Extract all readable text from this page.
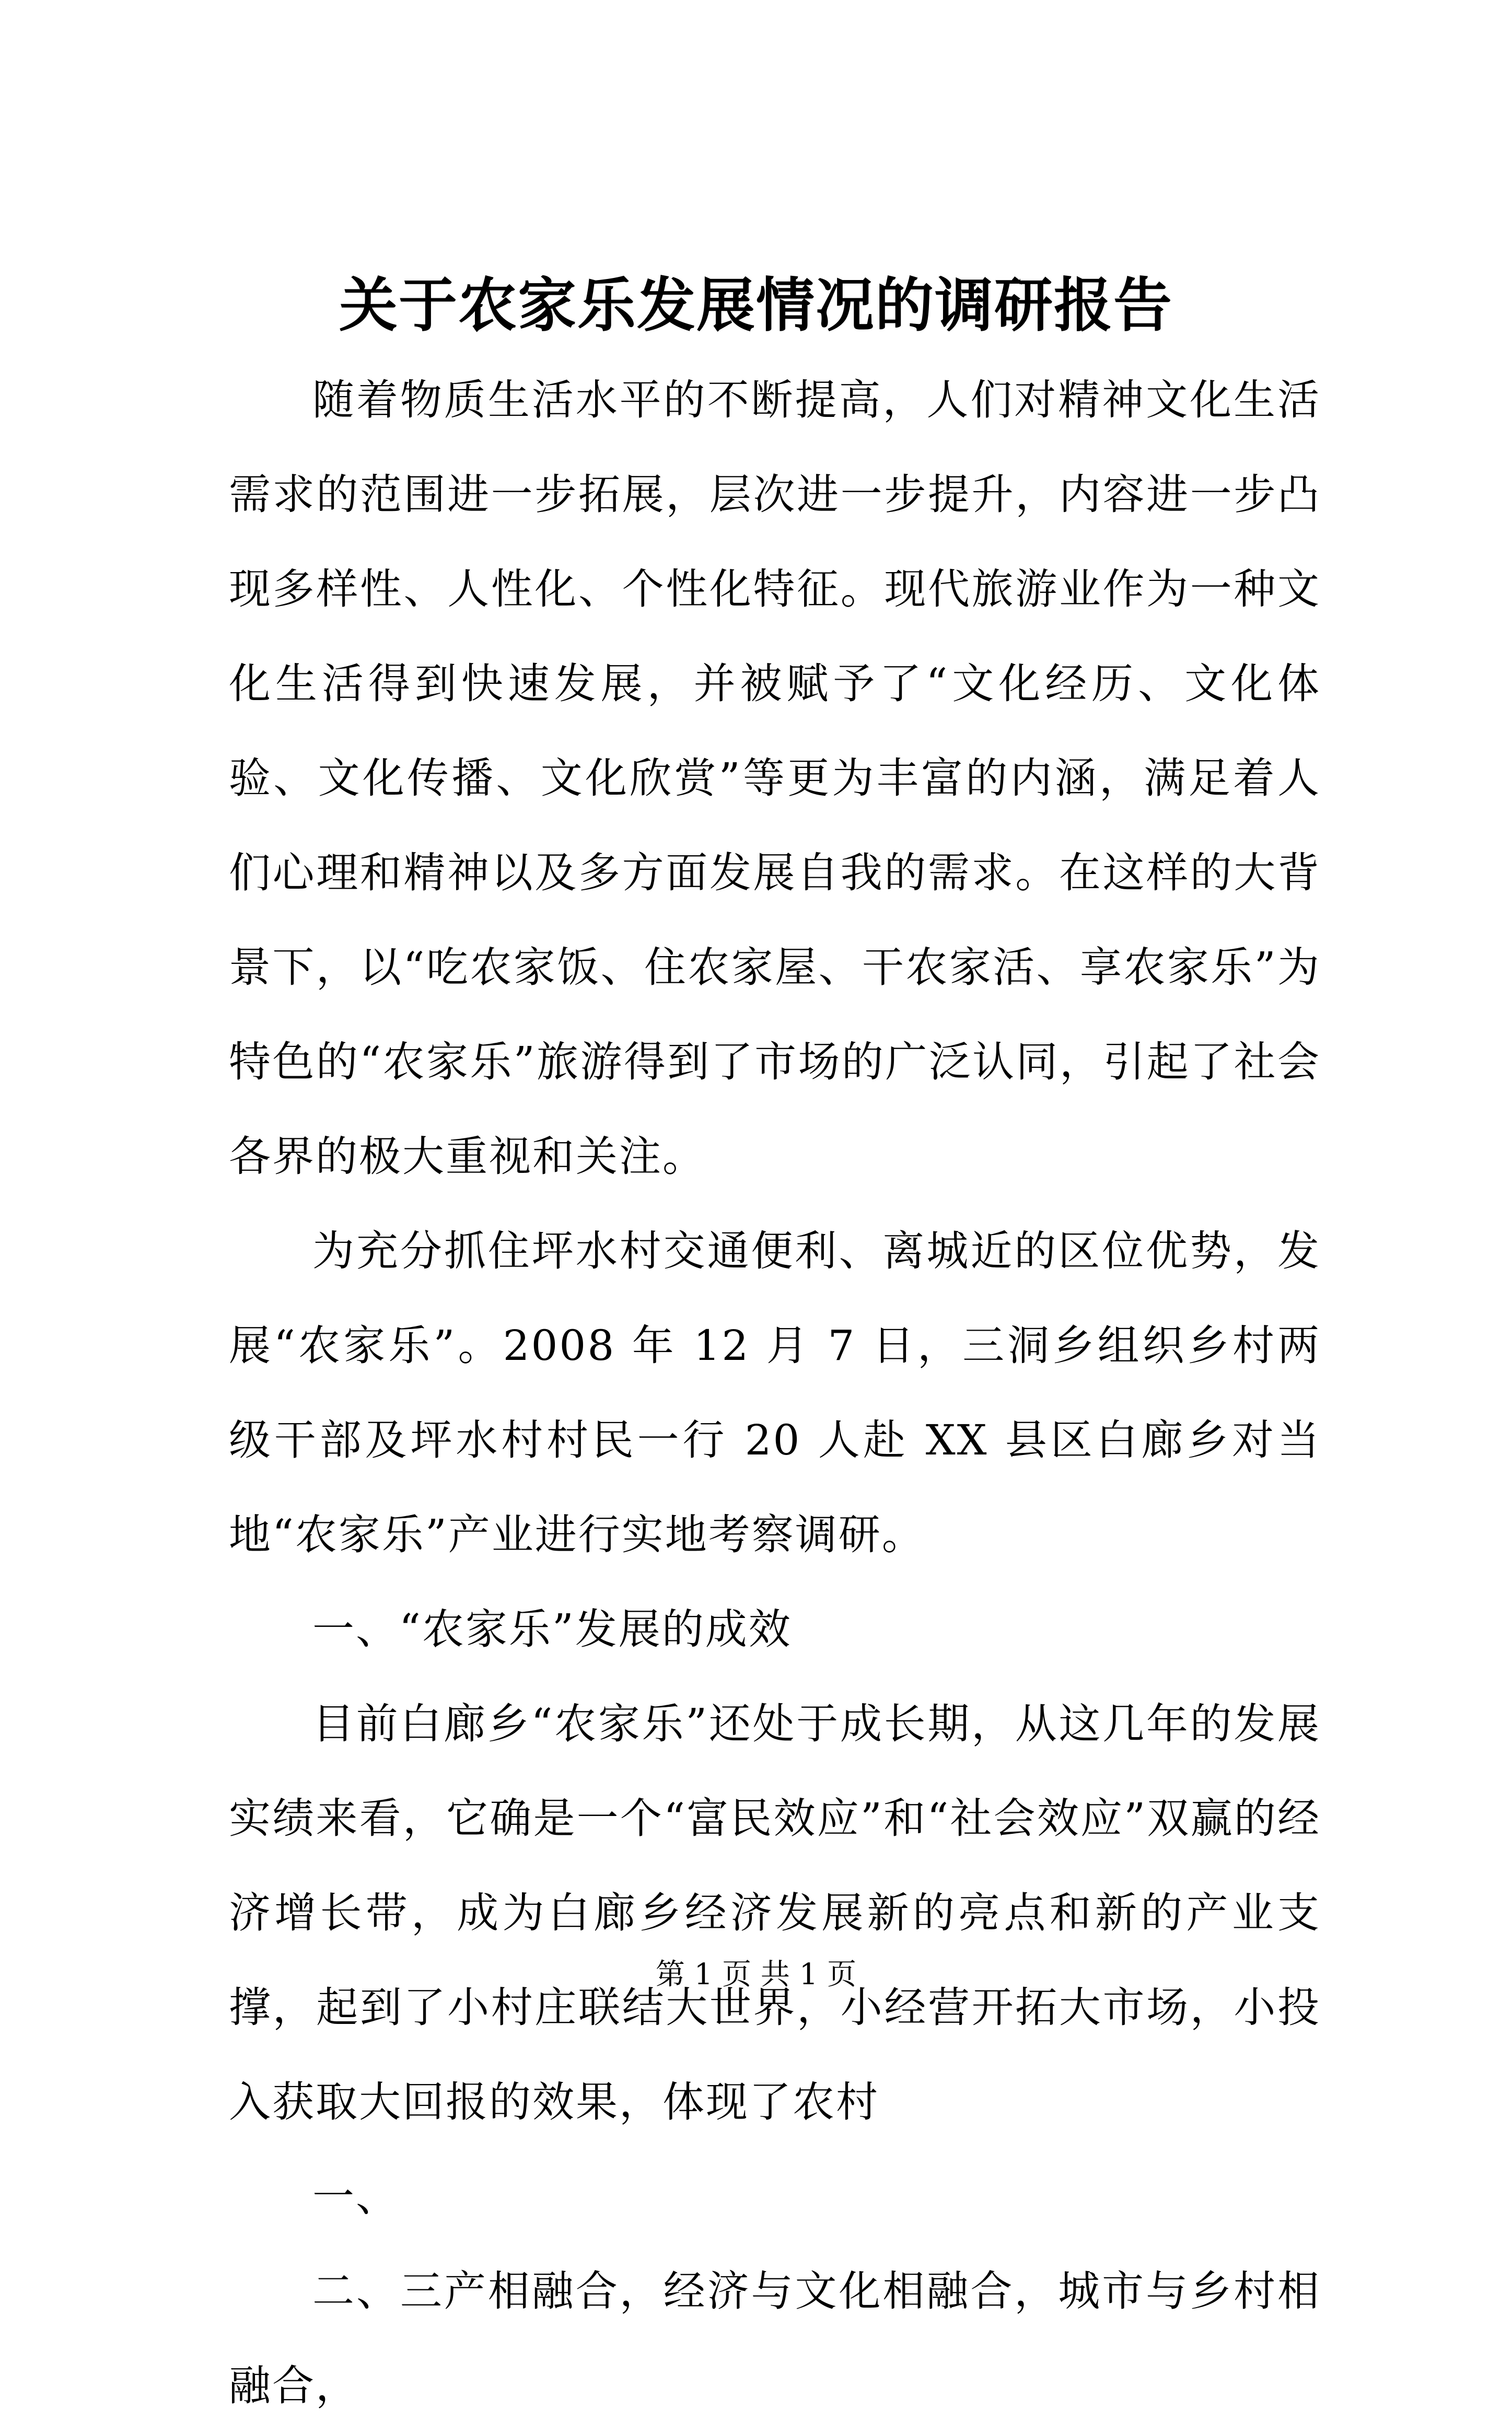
关于农家乐发展情况的调研报告

随着物质生活水平的不断提高，人们对精神文化生活需求的范围进一步拓展，层次进一步提升，内容进一步凸现多样性、人性化、个性化特征。现代旅游业作为一种文化生活得到快速发展，并被赋予了“文化经历、文化体验、文化传播、文化欣赏”等更为丰富的内涵，满足着人们心理和精神以及多方面发展自我的需求。在这样的大背景下，以“吃农家饭、住农家屋、干农家活、享农家乐”为特色的“农家乐”旅游得到了市场的广泛认同，引起了社会各界的极大重视和关注。

为充分抓住坪水村交通便利、离城近的区位优势，发展“农家乐”。2008 年 12 月 7 日，三洞乡组织乡村两级干部及坪水村村民一行 20 人赴 XX 县区白廊乡对当地“农家乐”产业进行实地考察调研。

一、“农家乐”发展的成效

目前白廊乡“农家乐”还处于成长期，从这几年的发展实绩来看，它确是一个“富民效应”和“社会效应”双赢的经济增长带，成为白廊乡经济发展新的亮点和新的产业支撑，起到了小村庄联结大世界，小经营开拓大市场，小投入获取大回报的效果，体现了农村

一、

二、三产相融合，经济与文化相融合，城市与乡村相融合，

第 1 页 共 1 页
